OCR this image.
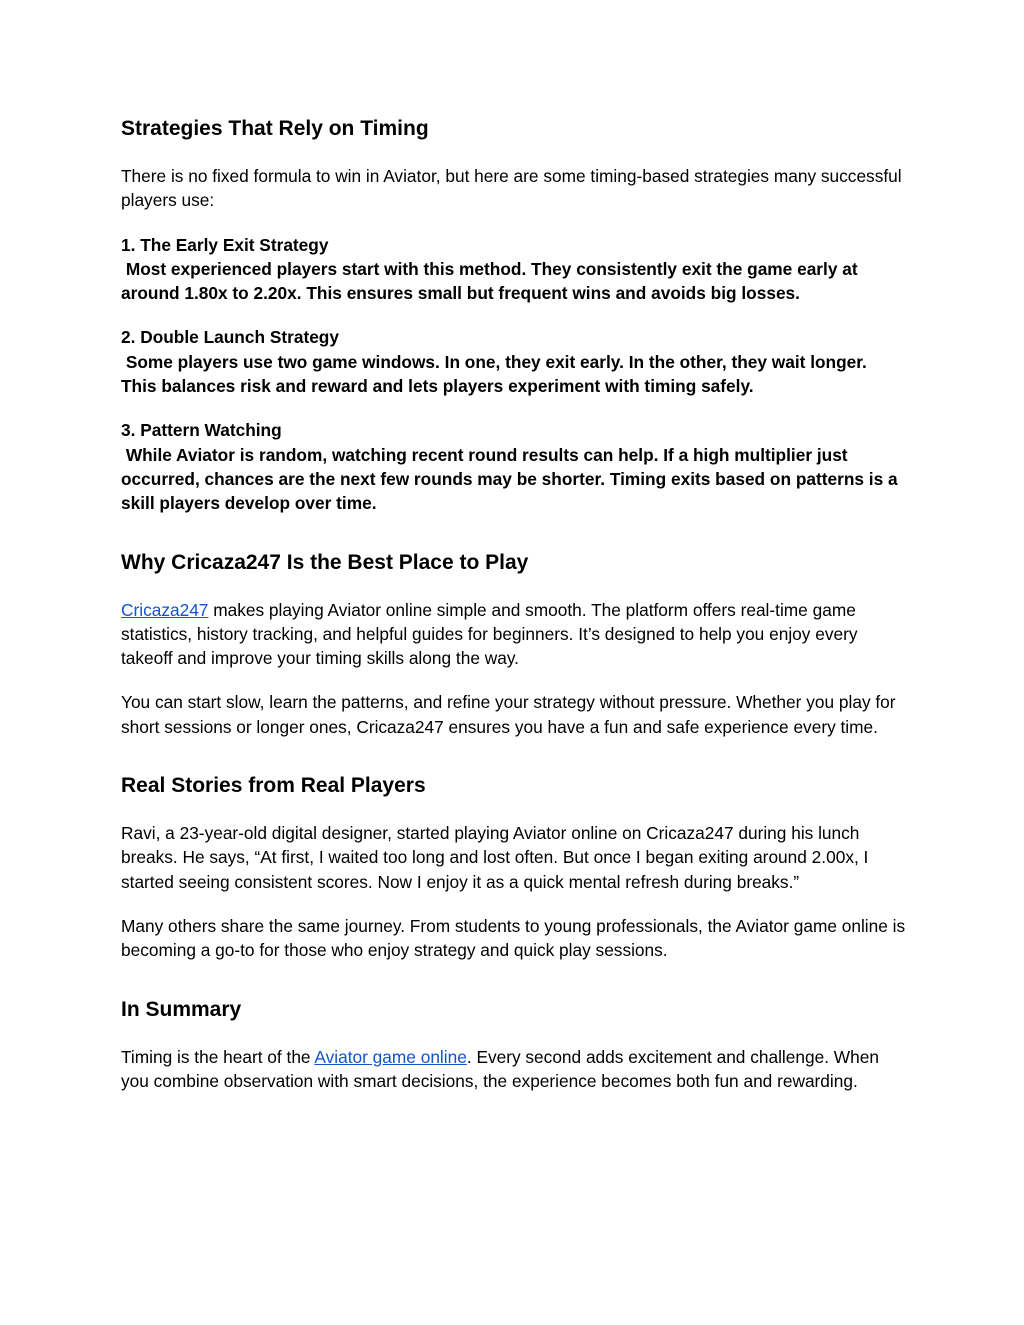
Strategies That Rely on Timing

There is no fixed formula to win in Aviator, but here are some timing-based strategies many successful players use:

1. The Early Exit Strategy
Most experienced players start with this method. They consistently exit the game early at around 1.80x to 2.20x. This ensures small but frequent wins and avoids big losses.

2. Double Launch Strategy
Some players use two game windows. In one, they exit early. In the other, they wait longer. This balances risk and reward and lets players experiment with timing safely.

3. Pattern Watching
While Aviator is random, watching recent round results can help. If a high multiplier just occurred, chances are the next few rounds may be shorter. Timing exits based on patterns is a skill players develop over time.

Why Cricaza247 Is the Best Place to Play

Cricaza247 makes playing Aviator online simple and smooth. The platform offers real-time game statistics, history tracking, and helpful guides for beginners. It’s designed to help you enjoy every takeoff and improve your timing skills along the way.

You can start slow, learn the patterns, and refine your strategy without pressure. Whether you play for short sessions or longer ones, Cricaza247 ensures you have a fun and safe experience every time.

Real Stories from Real Players

Ravi, a 23-year-old digital designer, started playing Aviator online on Cricaza247 during his lunch breaks. He says, “At first, I waited too long and lost often. But once I began exiting around 2.00x, I started seeing consistent scores. Now I enjoy it as a quick mental refresh during breaks.”

Many others share the same journey. From students to young professionals, the Aviator game online is becoming a go-to for those who enjoy strategy and quick play sessions.

In Summary

Timing is the heart of the Aviator game online. Every second adds excitement and challenge. When you combine observation with smart decisions, the experience becomes both fun and rewarding.
